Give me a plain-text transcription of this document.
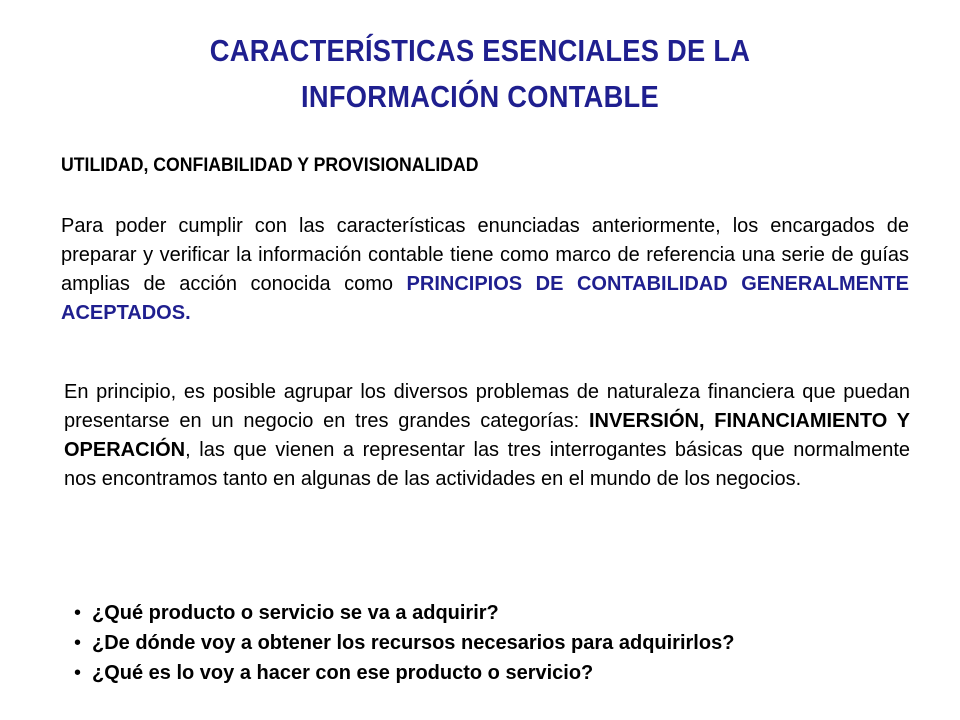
CARACTERÍSTICAS ESENCIALES DE LA
INFORMACIÓN CONTABLE
UTILIDAD, CONFIABILIDAD Y PROVISIONALIDAD
Para poder cumplir con las características enunciadas anteriormente, los encargados de preparar y verificar la información contable tiene como marco de referencia una serie de guías amplias de acción conocida como PRINCIPIOS DE CONTABILIDAD GENERALMENTE ACEPTADOS.
En principio, es posible agrupar los diversos problemas de naturaleza financiera que puedan presentarse en un negocio en tres grandes categorías: INVERSIÓN, FINANCIAMIENTO Y OPERACIÓN, las que vienen a representar las tres interrogantes básicas que normalmente nos encontramos tanto en algunas de las actividades en el mundo de los negocios.
• ¿Qué producto o servicio se va a adquirir?
• ¿De dónde voy a obtener los recursos necesarios para adquirirlos?
• ¿Qué es lo voy a hacer con ese producto o servicio?
